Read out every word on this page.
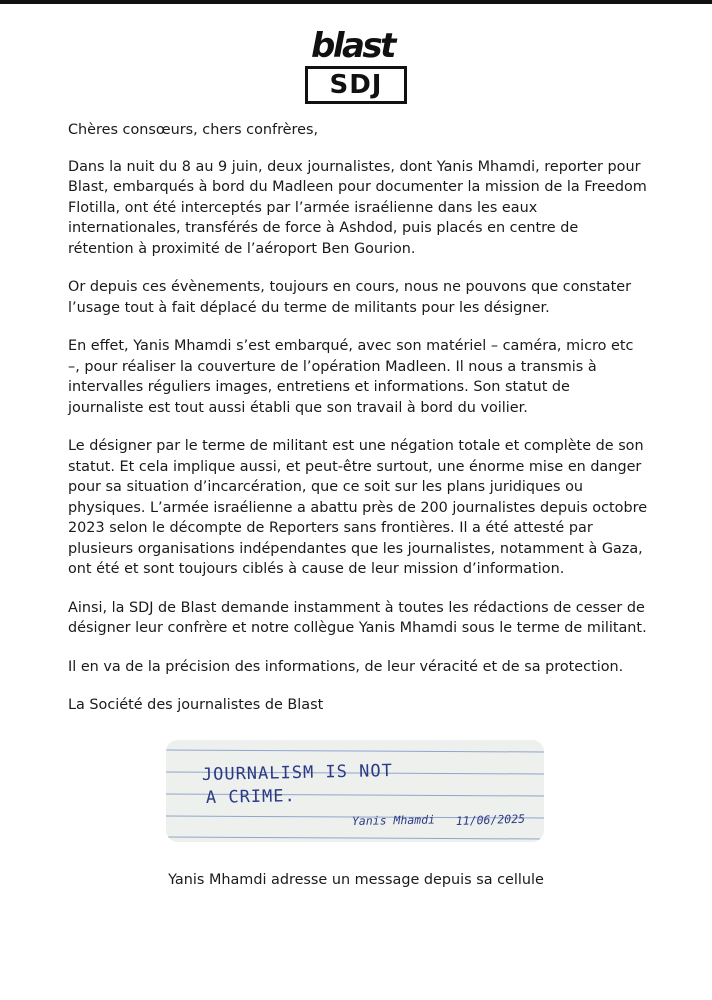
blast
SDJ

Chères consœurs, chers confrères,

Dans la nuit du 8 au 9 juin, deux journalistes, dont Yanis Mhamdi, reporter pour Blast, embarqués à bord du Madleen pour documenter la mission de la Freedom Flotilla, ont été interceptés par l’armée israélienne dans les eaux internationales, transférés de force à Ashdod, puis placés en centre de rétention à proximité de l’aéroport Ben Gourion.

Or depuis ces évènements, toujours en cours, nous ne pouvons que constater l’usage tout à fait déplacé du terme de militants pour les désigner.

En effet, Yanis Mhamdi s’est embarqué, avec son matériel – caméra, micro etc –, pour réaliser la couverture de l’opération Madleen. Il nous a transmis à intervalles réguliers images, entretiens et informations. Son statut de journaliste est tout aussi établi que son travail à bord du voilier.

Le désigner par le terme de militant est une négation totale et complète de son statut. Et cela implique aussi, et peut-être surtout, une énorme mise en danger pour sa situation d’incarcération, que ce soit sur les plans juridiques ou physiques. L’armée israélienne a abattu près de 200 journalistes depuis octobre 2023 selon le décompte de Reporters sans frontières. Il a été attesté par plusieurs organisations indépendantes que les journalistes, notamment à Gaza, ont été et sont toujours ciblés à cause de leur mission d’information.

Ainsi, la SDJ de Blast demande instamment à toutes les rédactions de cesser de désigner leur confrère et notre collègue Yanis Mhamdi sous le terme de militant.

Il en va de la précision des informations, de leur véracité et de sa protection.

La Société des journalistes de Blast

JOURNALISM IS NOT
A CRIME.
Yanis Mhamdi 11/06/2025
Yanis Mhamdi adresse un message depuis sa cellule
